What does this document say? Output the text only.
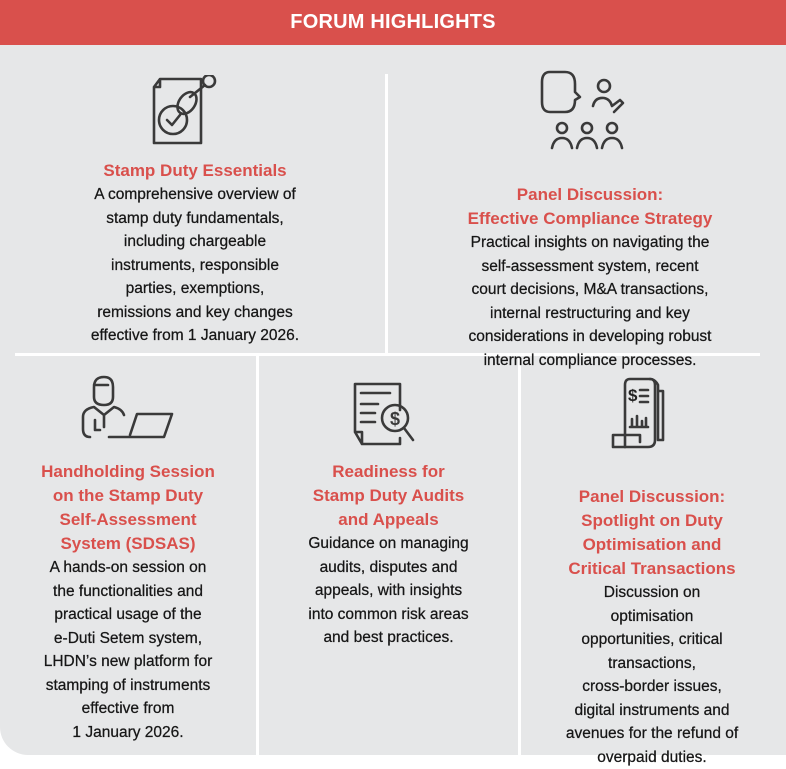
FORUM HIGHLIGHTS
$
$
Stamp Duty Essentials
A comprehensive overview of
stamp duty fundamentals,
including chargeable
instruments, responsible
parties, exemptions,
remissions and key changes
effective from 1 January 2026.
Panel Discussion:
Effective Compliance Strategy
Practical insights on navigating the
self-assessment system, recent
court decisions, M&A transactions,
internal restructuring and key
considerations in developing robust
internal compliance processes.
Handholding Session
on the Stamp Duty
Self-Assessment
System (SDSAS)
A hands-on session on
the functionalities and
practical usage of the
e-Duti Setem system,
LHDN’s new platform for
stamping of instruments
effective from
1 January 2026.
Readiness for
Stamp Duty Audits
and Appeals
Guidance on managing
audits, disputes and
appeals, with insights
into common risk areas
and best practices.
Panel Discussion:
Spotlight on Duty
Optimisation and
Critical Transactions
Discussion on
optimisation
opportunities, critical
transactions,
cross-border issues,
digital instruments and
avenues for the refund of
overpaid duties.
